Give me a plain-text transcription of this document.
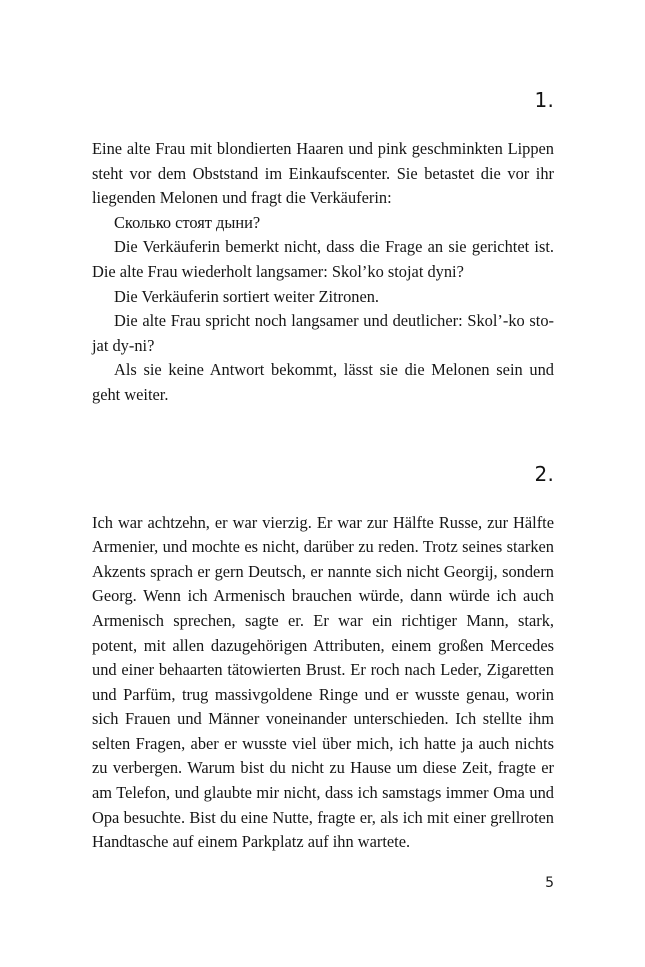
1.

Eine alte Frau mit blondierten Haaren und pink geschminkten Lippen steht vor dem Obststand im Einkaufscenter. Sie betastet die vor ihr liegenden Melonen und fragt die Verkäuferin:

Сколько стоят дыни?

Die Verkäuferin bemerkt nicht, dass die Frage an sie gerichtet ist. Die alte Frau wiederholt langsamer: Skol’ko stojat dyni?

Die Verkäuferin sortiert weiter Zitronen.

Die alte Frau spricht noch langsamer und deutlicher: Skol’-ko sto-jat dy-ni?

Als sie keine Antwort bekommt, lässt sie die Melonen sein und geht weiter.

2.

Ich war achtzehn, er war vierzig. Er war zur Hälfte Russe, zur Hälfte Armenier, und mochte es nicht, darüber zu reden. Trotz seines starken Akzents sprach er gern Deutsch, er nannte sich nicht Georgij, sondern Georg. Wenn ich Armenisch brauchen würde, dann würde ich auch Armenisch sprechen, sagte er. Er war ein richtiger Mann, stark, potent, mit allen dazugehörigen Attributen, einem großen Mercedes und einer behaarten tätowierten Brust. Er roch nach Leder, Zigaretten und Parfüm, trug massivgoldene Ringe und er wusste genau, worin sich Frauen und Männer voneinander unterschieden. Ich stellte ihm selten Fragen, aber er wusste viel über mich, ich hatte ja auch nichts zu verbergen. Warum bist du nicht zu Hause um diese Zeit, fragte er am Telefon, und glaubte mir nicht, dass ich samstags immer Oma und Opa besuchte. Bist du eine Nutte, fragte er, als ich mit einer grellroten Handtasche auf einem Parkplatz auf ihn wartete.

5
